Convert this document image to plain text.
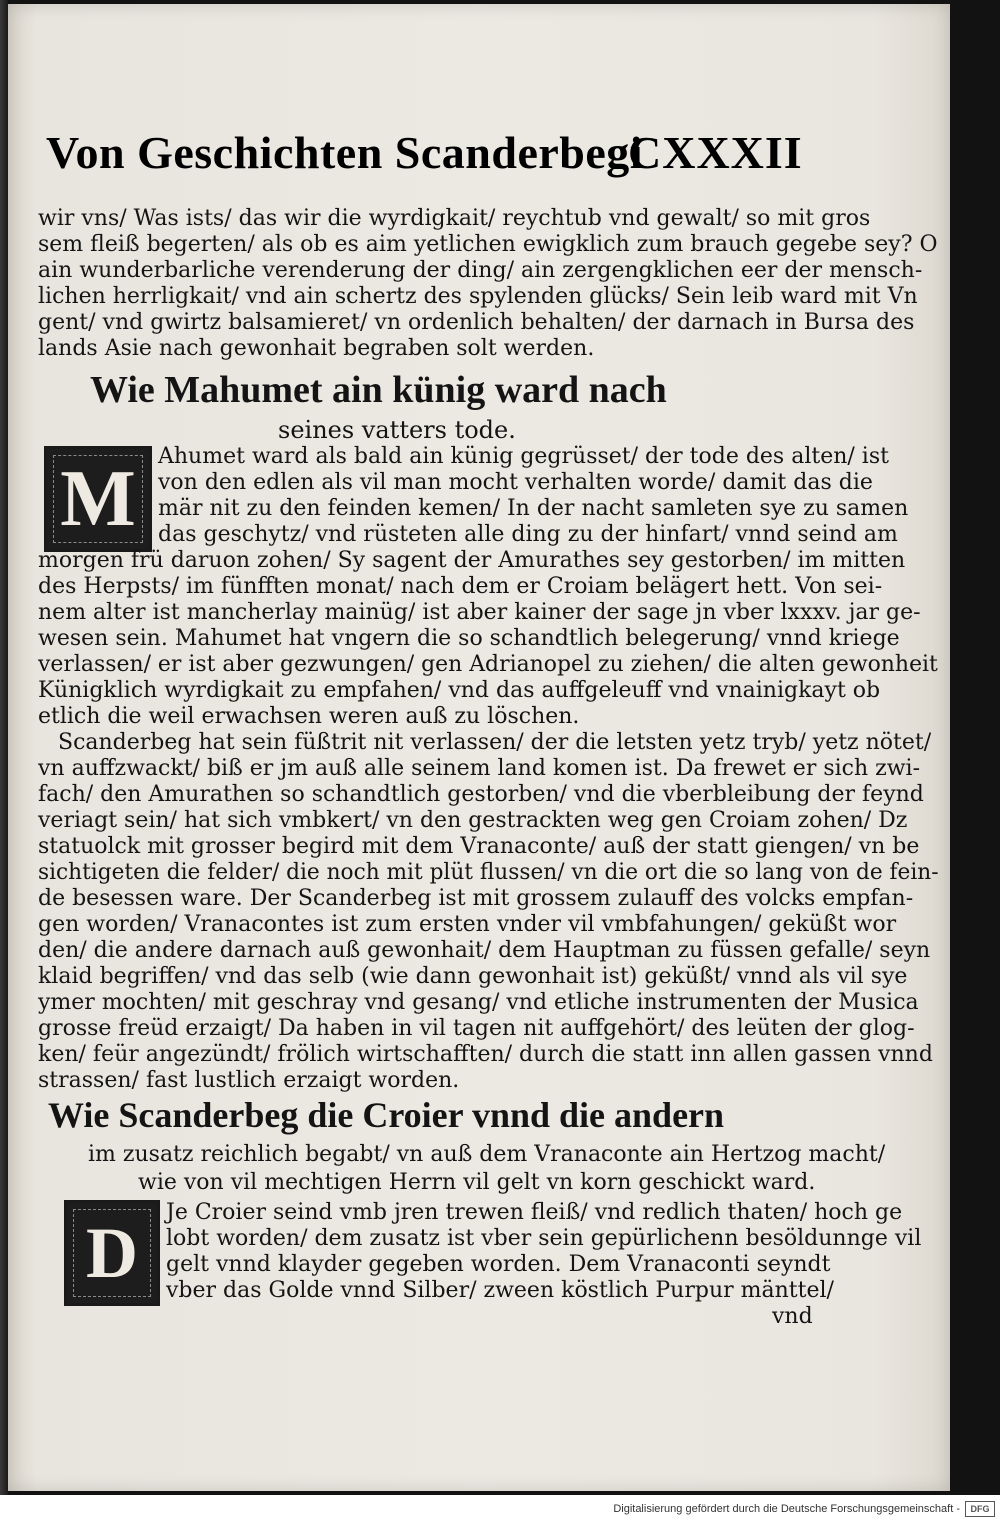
Von Geschichten Scanderbegi
CXXXII

wir vns/ Was ists/ das wir die wyrdigkait/ reychtub vnd gewalt/ so mit gros

sem fleiß begerten/ als ob es aim yetlichen ewigklich zum brauch gegebe sey? O

ain wunderbarliche verenderung der ding/ ain zergengklichen eer der mensch-

lichen herrligkait/ vnd ain schertz des spylenden glücks/ Sein leib ward mit Vn

gent/ vnd gwirtz balsamieret/ vn ordenlich behalten/ der darnach in Bursa des

lands Asie nach gewonhait begraben solt werden.

Wie Mahumet ain künig ward nach

seines vatters tode.

M Ahumet ward als bald ain künig gegrüsset/ der tode des alten/ ist

von den edlen als vil man mocht verhalten worde/ damit das die

mär nit zu den feinden kemen/ In der nacht samleten sye zu samen

das geschytz/ vnd rüsteten alle ding zu der hinfart/ vnnd seind am

morgen frü daruon zohen/ Sy sagent der Amurathes sey gestorben/ im mitten

des Herpsts/ im fünfften monat/ nach dem er Croiam belägert hett. Von sei-

nem alter ist mancherlay mainüg/ ist aber kainer der sage jn vber lxxxv. jar ge-

wesen sein. Mahumet hat vngern die so schandtlich belegerung/ vnnd kriege

verlassen/ er ist aber gezwungen/ gen Adrianopel zu ziehen/ die alten gewonheit

Künigklich wyrdigkait zu empfahen/ vnd das auffgeleuff vnd vnainigkayt ob

etlich die weil erwachsen weren auß zu löschen.

Scanderbeg hat sein füßtrit nit verlassen/ der die letsten yetz tryb/ yetz nötet/

vn auffzwackt/ biß er jm auß alle seinem land komen ist. Da frewet er sich zwi-

fach/ den Amurathen so schandtlich gestorben/ vnd die vberbleibung der feynd

veriagt sein/ hat sich vmbkert/ vn den gestrackten weg gen Croiam zohen/ Dz

statuolck mit grosser begird mit dem Vranaconte/ auß der statt giengen/ vn be

sichtigeten die felder/ die noch mit plüt flussen/ vn die ort die so lang von de fein-

de besessen ware. Der Scanderbeg ist mit grossem zulauff des volcks empfan-

gen worden/ Vranacontes ist zum ersten vnder vil vmbfahungen/ geküßt wor

den/ die andere darnach auß gewonhait/ dem Hauptman zu füssen gefalle/ seyn

klaid begriffen/ vnd das selb (wie dann gewonhait ist) geküßt/ vnnd als vil sye

ymer mochten/ mit geschray vnd gesang/ vnd etliche instrumenten der Musica

grosse freüd erzaigt/ Da haben in vil tagen nit auffgehört/ des leüten der glog-

ken/ feür angezündt/ frölich wirtschafften/ durch die statt inn allen gassen vnnd

strassen/ fast lustlich erzaigt worden.

Wie Scanderbeg die Croier vnnd die andern

im zusatz reichlich begabt/ vn auß dem Vranaconte ain Hertzog macht/

wie von vil mechtigen Herrn vil gelt vn korn geschickt ward.

D Je Croier seind vmb jren trewen fleiß/ vnd redlich thaten/ hoch ge

lobt worden/ dem zusatz ist vber sein gepürlichenn besöldunnge vil

gelt vnnd klayder gegeben worden. Dem Vranaconti seyndt

vber das Golde vnnd Silber/ zween köstlich Purpur mänttel/

vnd

Digitalisierung gefördert durch die Deutsche Forschungsgemeinschaft -	DFG
